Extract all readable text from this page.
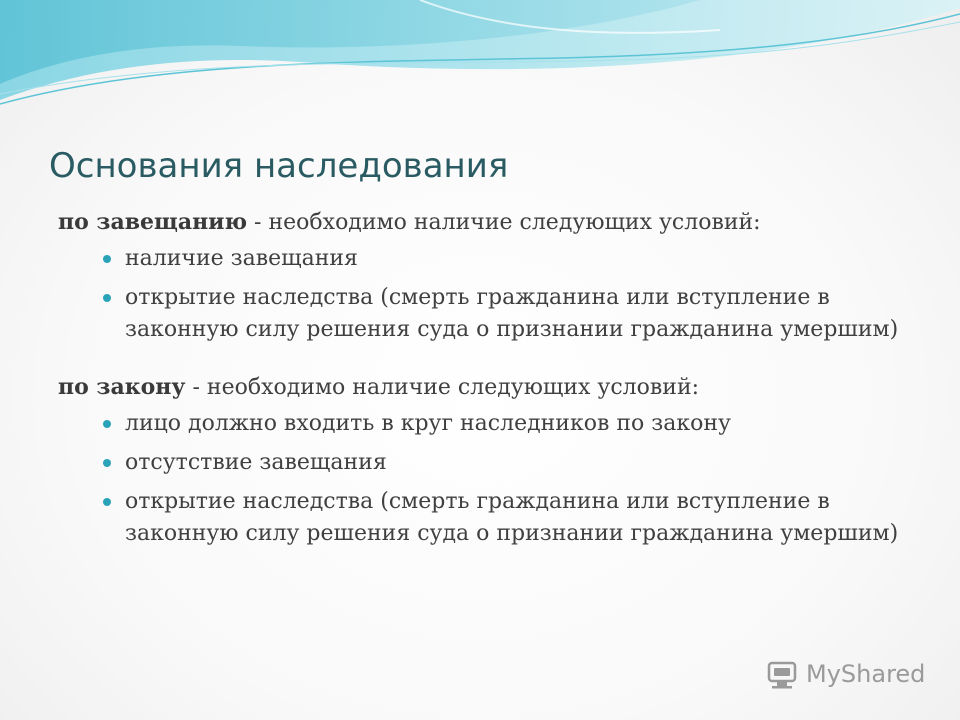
Основания наследования

по завещанию - необходимо наличие следующих условий:

наличие завещания
открытие наследства (смерть гражданина или вступление в законную силу решения суда о признании гражданина умершим)

по закону - необходимо наличие следующих условий:

лицо должно входить в круг наследников по закону
отсутствие завещания
открытие наследства (смерть гражданина или вступление в законную силу решения суда о признании гражданина умершим)
MyShared
